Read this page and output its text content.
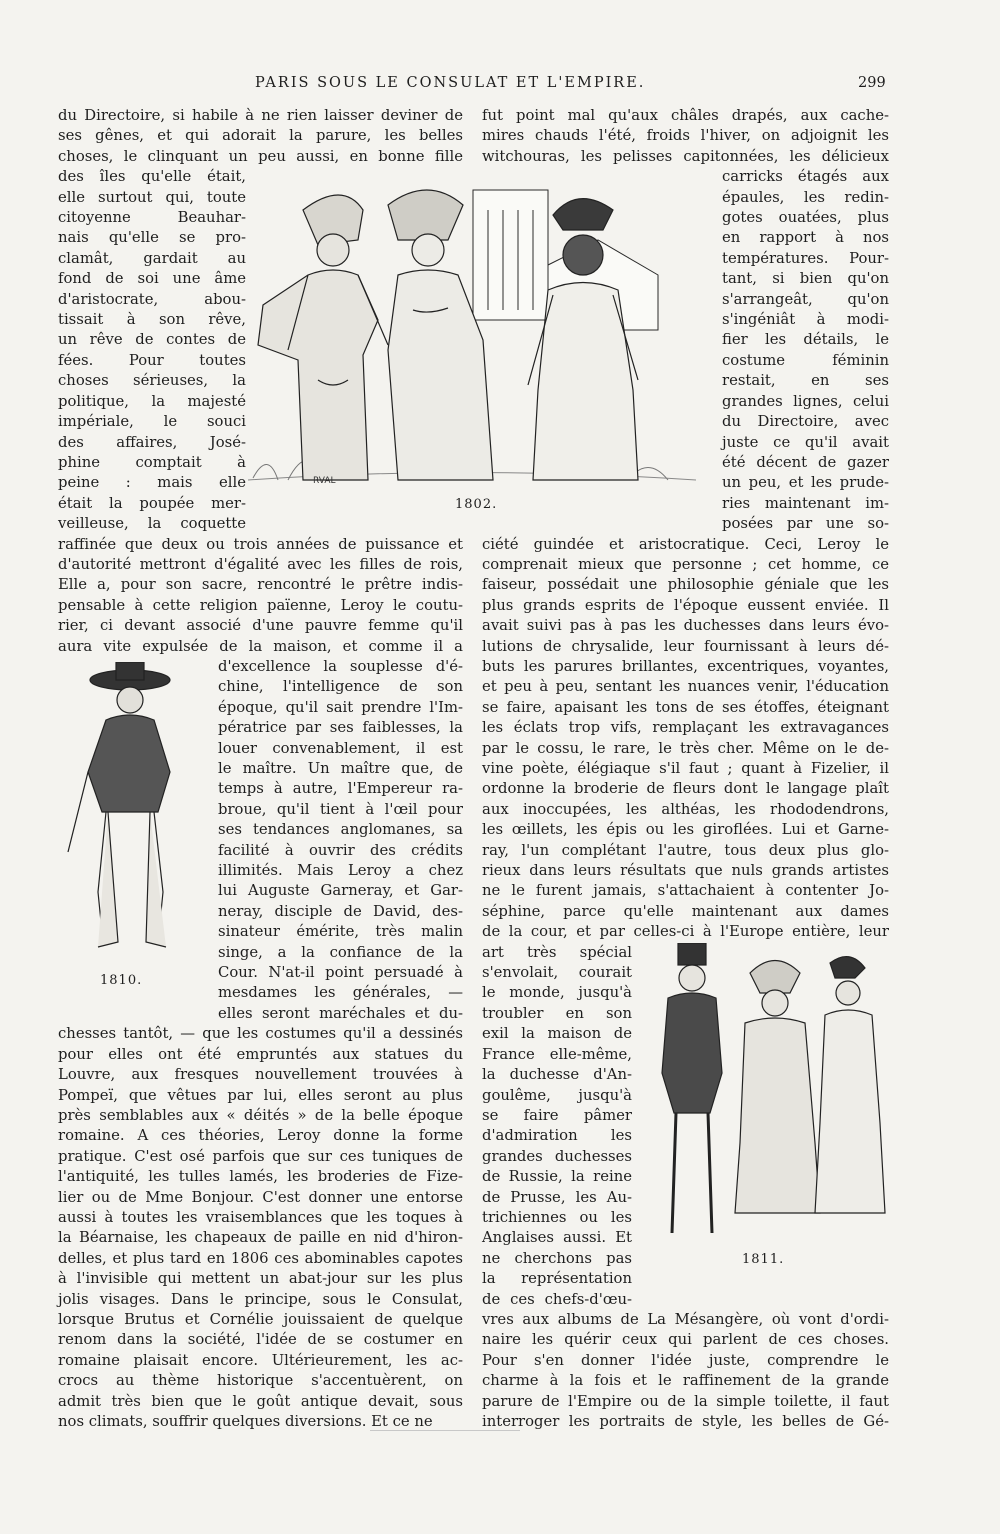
PARIS SOUS LE CONSULAT ET L'EMPIRE.	299
RVAL
1802.
1810.
1811.
du Directoire, si habile à ne rien laisser deviner de
ses gênes, et qui adorait la parure, les belles
choses, le clinquant un peu aussi, en bonne fille
des îles qu'elle était,
elle surtout qui, toute
citoyenne Beauhar-
nais qu'elle se pro-
clamât, gardait au
fond de soi une âme
d'aristocrate, abou-
tissait à son rêve,
un rêve de contes de
fées. Pour toutes
choses sérieuses, la
politique, la majesté
impériale, le souci
des affaires, José-
phine comptait à
peine : mais elle
était la poupée mer-
veilleuse, la coquette
raffinée que deux ou trois années de puissance et
d'autorité mettront d'égalité avec les filles de rois,
Elle a, pour son sacre, rencontré le prêtre indis-
pensable à cette religion païenne, Leroy le coutu-
rier, ci devant associé d'une pauvre femme qu'il
aura vite expulsée de la maison, et comme il a
d'excellence la souplesse d'é-
chine, l'intelligence de son
époque, qu'il sait prendre l'Im-
pératrice par ses faiblesses, la
louer convenablement, il est
le maître. Un maître que, de
temps à autre, l'Empereur ra-
broue, qu'il tient à l'œil pour
ses tendances anglomanes, sa
facilité à ouvrir des crédits
illimités. Mais Leroy a chez
lui Auguste Garneray, et Gar-
neray, disciple de David, des-
sinateur émérite, très malin
singe, a la confiance de la
Cour. N'at-il point persuadé à
mesdames les générales, —
elles seront maréchales et du-
chesses tantôt, — que les costumes qu'il a dessinés
pour elles ont été empruntés aux statues du
Louvre, aux fresques nouvellement trouvées à
Pompeï, que vêtues par lui, elles seront au plus
près semblables aux « déités » de la belle époque
romaine. A ces théories, Leroy donne la forme
pratique. C'est osé parfois que sur ces tuniques de
l'antiquité, les tulles lamés, les broderies de Fize-
lier ou de Mme Bonjour. C'est donner une entorse
aussi à toutes les vraisemblances que les toques à
la Béarnaise, les chapeaux de paille en nid d'hiron-
delles, et plus tard en 1806 ces abominables capotes
à l'invisible qui mettent un abat-jour sur les plus
jolis visages. Dans le principe, sous le Consulat,
lorsque Brutus et Cornélie jouissaient de quelque
renom dans la société, l'idée de se costumer en
romaine plaisait encore. Ultérieurement, les ac-
crocs au thème historique s'accentuèrent, on
admit très bien que le goût antique devait, sous
nos climats, souffrir quelques diversions. Et ce ne
fut point mal qu'aux châles drapés, aux cache-
mires chauds l'été, froids l'hiver, on adjoignit les
witchouras, les pelisses capitonnées, les délicieux
carricks étagés aux
épaules, les redin-
gotes ouatées, plus
en rapport à nos
températures. Pour-
tant, si bien qu'on
s'arrangeât, qu'on
s'ingéniât à modi-
fier les détails, le
costume féminin
restait, en ses
grandes lignes, celui
du Directoire, avec
juste ce qu'il avait
été décent de gazer
un peu, et les prude-
ries maintenant im-
posées par une so-
ciété guindée et aristocratique. Ceci, Leroy le
comprenait mieux que personne ; cet homme, ce
faiseur, possédait une philosophie géniale que les
plus grands esprits de l'époque eussent enviée. Il
avait suivi pas à pas les duchesses dans leurs évo-
lutions de chrysalide, leur fournissant à leurs dé-
buts les parures brillantes, excentriques, voyantes,
et peu à peu, sentant les nuances venir, l'éducation
se faire, apaisant les tons de ses étoffes, éteignant
les éclats trop vifs, remplaçant les extravagances
par le cossu, le rare, le très cher. Même on le de-
vine poète, élégiaque s'il faut ; quant à Fizelier, il
ordonne la broderie de fleurs dont le langage plaît
aux inoccupées, les althéas, les rhododendrons,
les œillets, les épis ou les giroflées. Lui et Garne-
ray, l'un complétant l'autre, tous deux plus glo-
rieux dans leurs résultats que nuls grands artistes
ne le furent jamais, s'attachaient à contenter Jo-
séphine, parce qu'elle maintenant aux dames
de la cour, et par celles-ci à l'Europe entière, leur
art très spécial
s'envolait, courait
le monde, jusqu'à
troubler en son
exil la maison de
France elle-même,
la duchesse d'An-
goulême, jusqu'à
se faire pâmer
d'admiration les
grandes duchesses
de Russie, la reine
de Prusse, les Au-
trichiennes ou les
Anglaises aussi. Et
ne cherchons pas
la représentation
de ces chefs-d'œu-
vres aux albums de La Mésangère, où vont d'ordi-
naire les quérir ceux qui parlent de ces choses.
Pour s'en donner l'idée juste, comprendre le
charme à la fois et le raffinement de la grande
parure de l'Empire ou de la simple toilette, il faut
interroger les portraits de style, les belles de Gé-
